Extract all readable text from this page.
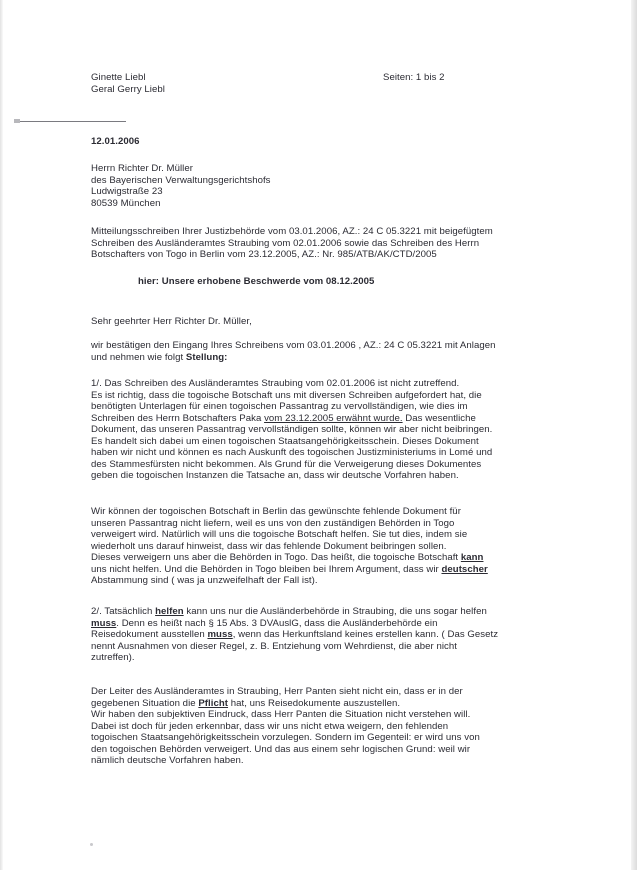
Ginette Liebl
Geral Gerry Liebl
Seiten: 1 bis 2
12.01.2006
Herrn Richter Dr. Müller
des Bayerischen Verwaltungsgerichtshofs
Ludwigstraße 23
80539 München
Mitteilungsschreiben Ihrer Justizbehörde vom 03.01.2006, AZ.: 24 C 05.3221 mit beigefügtem
Schreiben des Ausländeramtes Straubing vom 02.01.2006 sowie das Schreiben des Herrn
Botschafters von Togo in Berlin vom 23.12.2005, AZ.: Nr. 985/ATB/AK/CTD/2005
hier: Unsere erhobene Beschwerde vom 08.12.2005
Sehr geehrter Herr Richter Dr. Müller,
wir bestätigen den Eingang Ihres Schreibens vom 03.01.2006 , AZ.: 24 C 05.3221 mit Anlagen
und nehmen wie folgt Stellung:
1/. Das Schreiben des Ausländeramtes Straubing vom 02.01.2006 ist nicht zutreffend.
Es ist richtig, dass die togoische Botschaft uns mit diversen Schreiben aufgefordert hat, die
benötigten Unterlagen für einen togoischen Passantrag zu vervollständigen, wie dies im
Schreiben des Herrn Botschafters Paka vom 23.12.2005 erwähnt wurde. Das wesentliche
Dokument, das unseren Passantrag vervollständigen sollte, können wir aber nicht beibringen.
Es handelt sich dabei um einen togoischen Staatsangehörigkeitsschein. Dieses Dokument
haben wir nicht und können es nach Auskunft des togoischen Justizministeriums in Lomé und
des Stammesfürsten nicht bekommen. Als Grund für die Verweigerung dieses Dokumentes
geben die togoischen Instanzen die Tatsache an, dass wir deutsche Vorfahren haben.
Wir können der togoischen Botschaft in Berlin das gewünschte fehlende Dokument für
unseren Passantrag nicht liefern, weil es uns von den zuständigen Behörden in Togo
verweigert wird. Natürlich will uns die togoische Botschaft helfen. Sie tut dies, indem sie
wiederholt uns darauf hinweist, dass wir das fehlende Dokument beibringen sollen.
Dieses verweigern uns aber die Behörden in Togo. Das heißt, die togoische Botschaft kann
uns nicht helfen. Und die Behörden in Togo bleiben bei Ihrem Argument, dass wir deutscher
Abstammung sind ( was ja unzweifelhaft der Fall ist).
2/. Tatsächlich helfen kann uns nur die Ausländerbehörde in Straubing, die uns sogar helfen
muss. Denn es heißt nach § 15 Abs. 3 DVAuslG, dass die Ausländerbehörde ein
Reisedokument ausstellen muss, wenn das Herkunftsland keines erstellen kann. ( Das Gesetz
nennt Ausnahmen von dieser Regel, z. B. Entziehung vom Wehrdienst, die aber nicht
zutreffen).
Der Leiter des Ausländeramtes in Straubing, Herr Panten sieht nicht ein, dass er in der
gegebenen Situation die Pflicht hat, uns Reisedokumente auszustellen.
Wir haben den subjektiven Eindruck, dass Herr Panten die Situation nicht verstehen will.
Dabei ist doch für jeden erkennbar, dass wir uns nicht etwa weigern, den fehlenden
togoischen Staatsangehörigkeitsschein vorzulegen. Sondern im Gegenteil: er wird uns von
den togoischen Behörden verweigert. Und das aus einem sehr logischen Grund: weil wir
nämlich deutsche Vorfahren haben.
